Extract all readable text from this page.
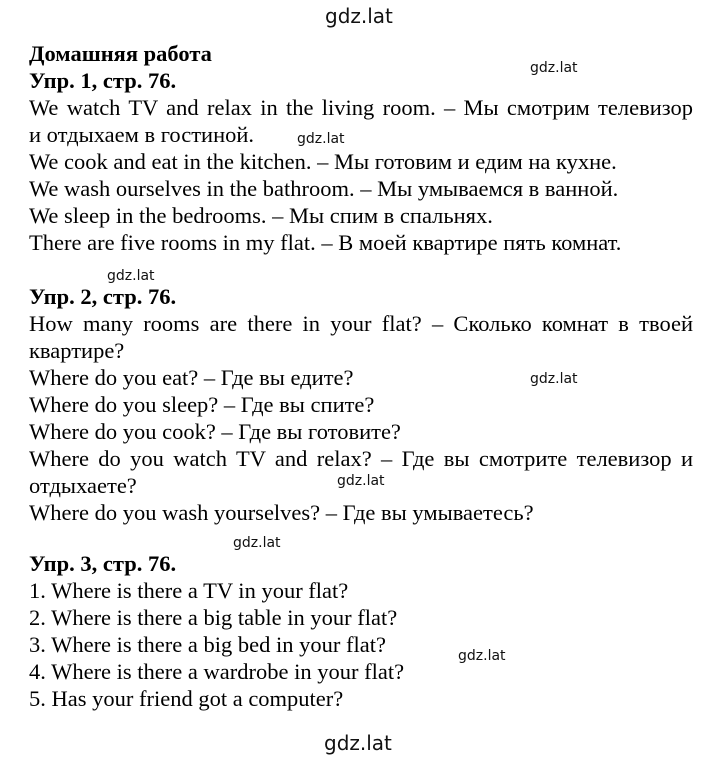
gdz.lat
Домашняя работа
Упр. 1, стр. 76.	gdz.lat
We watch TV and relax in the living room. – Мы смотрим телевизор
и отдыхаем в гостиной.	gdz.lat
We cook and eat in the kitchen. – Мы готовим и едим на кухне.
We wash ourselves in the bathroom. – Мы умываемся в ванной.
We sleep in the bedrooms. – Мы спим в спальнях.
There are five rooms in my flat. – В моей квартире пять комнат.
gdz.lat
Упр. 2, стр. 76.
How many rooms are there in your flat? – Сколько комнат в твоей
квартире?
Where do you eat? – Где вы едите?	gdz.lat
Where do you sleep? – Где вы спите?
Where do you cook? – Где вы готовите?
Where do you watch TV and relax? – Где вы смотрите телевизор и
отдыхаете?	gdz.lat
Where do you wash yourselves? – Где вы умываетесь?
gdz.lat
Упр. 3, стр. 76.
1. Where is there a TV in your flat?
2. Where is there a big table in your flat?
3. Where is there a big bed in your flat?	gdz.lat
4. Where is there a wardrobe in your flat?
5. Has your friend got a computer?
gdz.lat
